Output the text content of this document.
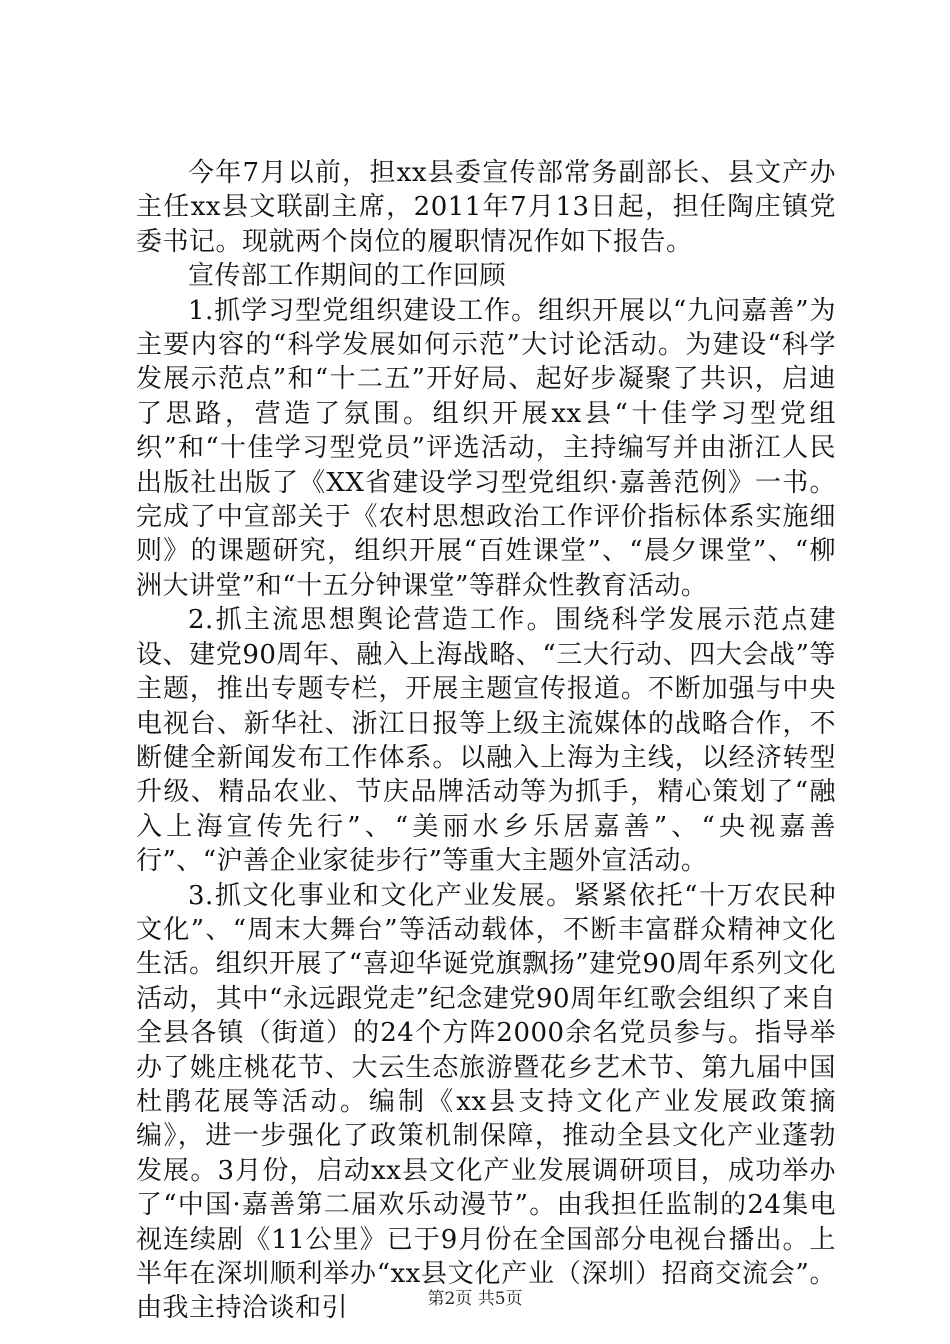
今年7月以前，担xx县委宣传部常务副部长、县文产办主任xx县文联副主席，2011年7月13日起，担任陶庄镇党委书记。现就两个岗位的履职情况作如下报告。

宣传部工作期间的工作回顾

1.抓学习型党组织建设工作。组织开展以“九问嘉善”为主要内容的“科学发展如何示范”大讨论活动。为建设“科学发展示范点”和“十二五”开好局、起好步凝聚了共识，启迪了思路，营造了氛围。组织开展xx县“十佳学习型党组织”和“十佳学习型党员”评选活动，主持编写并由浙江人民出版社出版了《XX省建设学习型党组织·嘉善范例》一书。完成了中宣部关于《农村思想政治工作评价指标体系实施细则》的课题研究，组织开展“百姓课堂”、“晨夕课堂”、“柳洲大讲堂”和“十五分钟课堂”等群众性教育活动。

2.抓主流思想舆论营造工作。围绕科学发展示范点建设、建党90周年、融入上海战略、“三大行动、四大会战”等主题，推出专题专栏，开展主题宣传报道。不断加强与中央电视台、新华社、浙江日报等上级主流媒体的战略合作，不断健全新闻发布工作体系。以融入上海为主线，以经济转型升级、精品农业、节庆品牌活动等为抓手，精心策划了“融入上海宣传先行”、“美丽水乡乐居嘉善”、“央视嘉善行”、“沪善企业家徒步行”等重大主题外宣活动。

3.抓文化事业和文化产业发展。紧紧依托“十万农民种文化”、“周末大舞台”等活动载体，不断丰富群众精神文化生活。组织开展了“喜迎华诞党旗飘扬”建党90周年系列文化活动，其中“永远跟党走”纪念建党90周年红歌会组织了来自全县各镇（街道）的24个方阵2000余名党员参与。指导举办了姚庄桃花节、大云生态旅游暨花乡艺术节、第九届中国杜鹃花展等活动。编制《xx县支持文化产业发展政策摘编》，进一步强化了政策机制保障，推动全县文化产业蓬勃发展。3月份，启动xx县文化产业发展调研项目，成功举办了“中国·嘉善第二届欢乐动漫节”。由我担任监制的24集电视连续剧《11公里》已于9月份在全国部分电视台播出。上半年在深圳顺利举办“xx县文化产业（深圳）招商交流会”。由我主持洽谈和引	第2页 共5页
